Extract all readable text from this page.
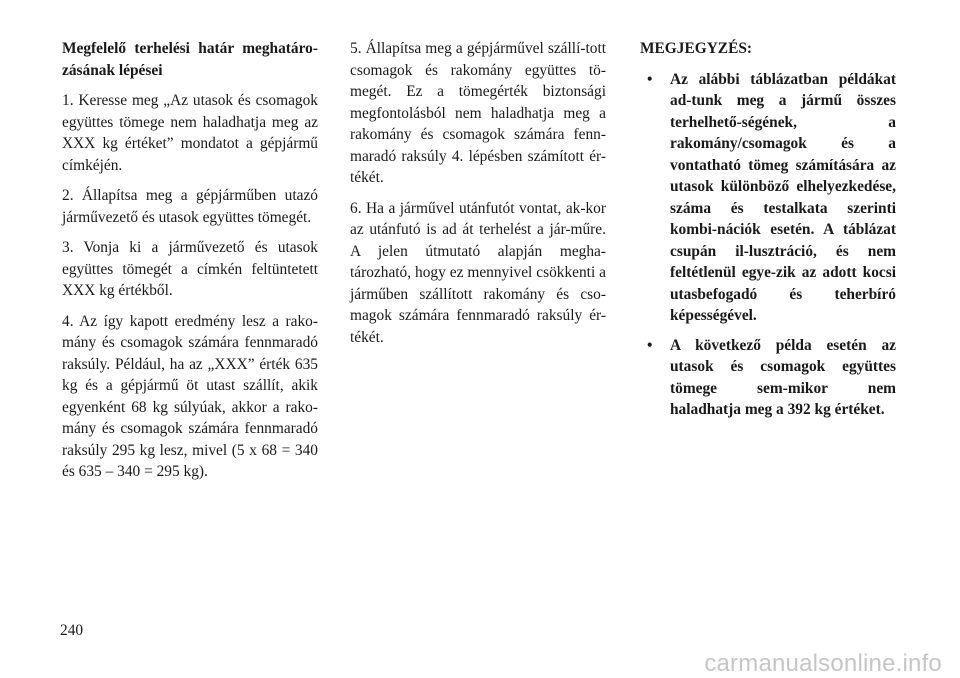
Megfelelő terhelési határ meghatáro-zásának lépései

1. Keresse meg „Az utasok és csomagok együttes tömege nem haladhatja meg az XXX kg értéket” mondatot a gépjármű címkéjén.

2. Állapítsa meg a gépjárműben utazó járművezető és utasok együttes tömegét.

3. Vonja ki a járművezető és utasok együttes tömegét a címkén feltüntetett XXX kg értékből.

4. Az így kapott eredmény lesz a rako-mány és csomagok számára fennmaradó raksúly. Például, ha az „XXX” érték 635 kg és a gépjármű öt utast szállít, akik egyenként 68 kg súlyúak, akkor a rako-mány és csomagok számára fennmaradó raksúly 295 kg lesz, mivel (5 x 68 = 340 és 635 – 340 = 295 kg).

5. Állapítsa meg a gépjárművel szállí-tott csomagok és rakomány együttes tö-megét. Ez a tömegérték biztonsági megfontolásból nem haladhatja meg a rakomány és csomagok számára fenn-maradó raksúly 4. lépésben számított ér-tékét.

6. Ha a járművel utánfutót vontat, ak-kor az utánfutó is ad át terhelést a jár-műre. A jelen útmutató alapján megha-tározható, hogy ez mennyivel csökkenti a járműben szállított rakomány és cso-magok számára fennmaradó raksúly ér-tékét.

MEGJEGYZÉS:

• Az alábbi táblázatban példákat ad-tunk meg a jármű összes terhelhető-ségének, a rakomány/csomagok és a vontatható tömeg számítására az utasok különböző elhelyezkedése, száma és testalkata szerinti kombi-nációk esetén. A táblázat csupán il-lusztráció, és nem feltétlenül egye-zik az adott kocsi utasbefogadó és teherbíró képességével.
• A következő példa esetén az utasok és csomagok együttes tömege sem-mikor nem haladhatja meg a 392 kg értéket.
240
carmanualsonline.info
